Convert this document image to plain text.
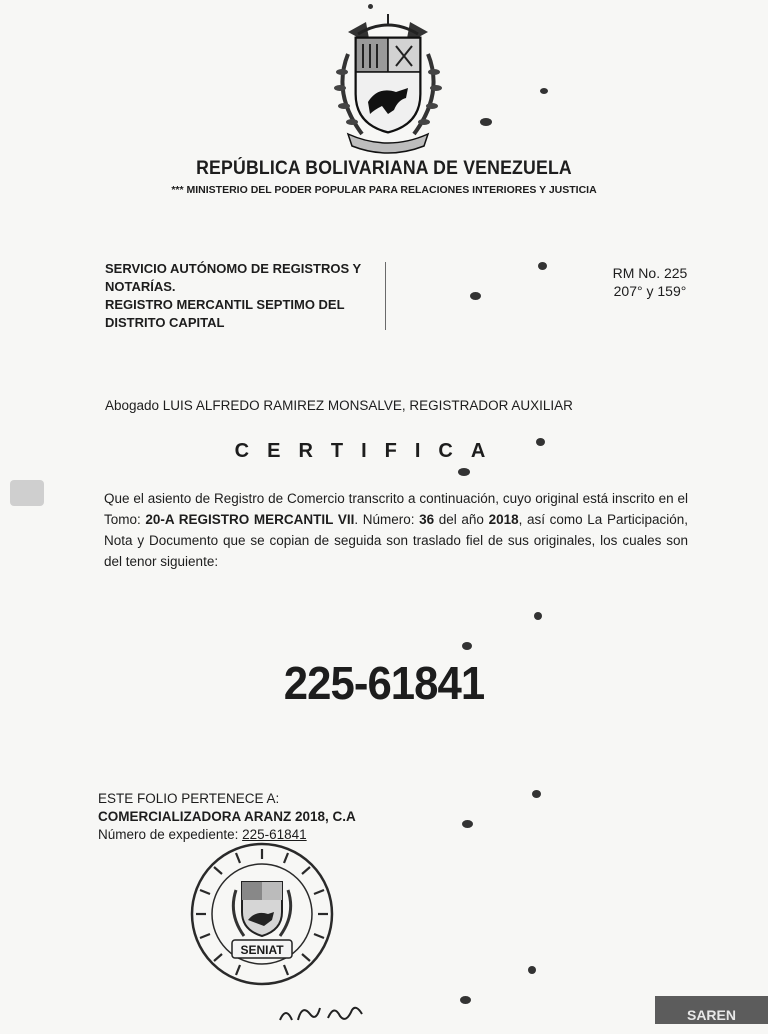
REPÚBLICA BOLIVARIANA DE VENEZUELA
*** MINISTERIO DEL PODER POPULAR PARA RELACIONES INTERIORES Y JUSTICIA
SERVICIO AUTÓNOMO DE REGISTROS Y
NOTARÍAS.
REGISTRO MERCANTIL SEPTIMO DEL
DISTRITO CAPITAL
RM No. 225
207° y 159°
Abogado LUIS ALFREDO RAMIREZ MONSALVE, REGISTRADOR AUXILIAR
CERTIFICA
Que el asiento de Registro de Comercio transcrito a continuación, cuyo original está inscrito en el Tomo: 20-A REGISTRO MERCANTIL VII. Número: 36 del año 2018, así como La Participación, Nota y Documento que se copian de seguida son traslado fiel de sus originales, los cuales son del tenor siguiente:
225-61841
ESTE FOLIO PERTENECE A:
COMERCIALIZADORA ARANZ 2018, C.A
Número de expediente: 225-61841
SENIAT
SAREN
